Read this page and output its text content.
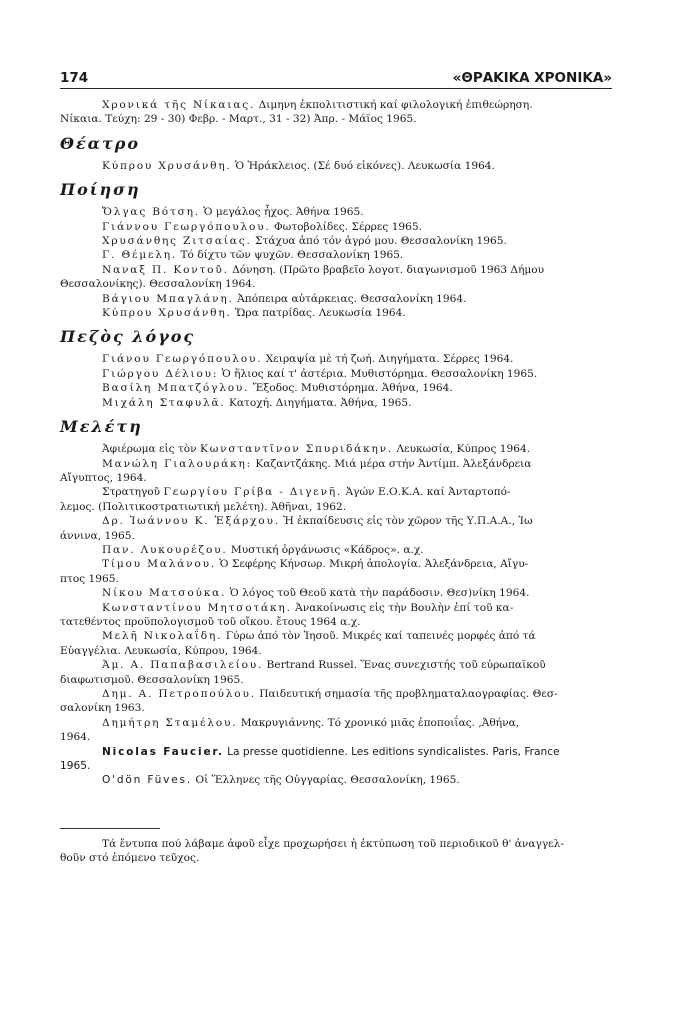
174	«ΘΡΑΚΙΚΑ ΧΡΟΝΙΚΑ»

Χρονικά τῆς Νίκαιας. Διμηνη ἐκπολιτιστική καί φιλολογική ἐπιθεώρηση.

Νίκαια. Τεύχη: 29 - 30) Φεβρ. - Μαρτ., 31 - 32) Ἀπρ. - Μάϊος 1965.

Θέατρο

Κύπρου Χρυσάνθη. Ὁ Ἡράκλειος. (Σέ δυό εἰκόνες). Λευκωσία 1964.

Ποίηση

Ὄλγας Βότση. Ὁ μεγάλος ἦχος. Ἀθήνα 1965.

Γιάννου Γεωργόπουλου. Φωτοβολίδες. Σέρρες 1965.

Χρυσάνθης Ζιτσαίας. Στάχυα ἀπό τόν ἀγρό μου. Θεσσαλονίκη 1965.

Γ. Θέμελη. Τό δίχτυ τῶν ψυχῶν. Θεσσαλονίκη 1965.

Ναναξ Π. Κοντοῦ. Δόνηση. (Πρῶτο βραβεῖο λογοτ. διαγωνισμοῦ 1963 Δήμου

Θεσσαλονίκης). Θεσσαλονίκη 1964.

Βάγιου Μπαγλάνη. Ἀπόπειρα αὐτάρκειας. Θεσσαλονίκη 1964.

Κύπρου Χρυσάνθη. Ὥρα πατρίδας. Λευκωσία 1964.

Πεζὸς λόγος

Γιάνου Γεωργόπουλου. Χειραψία μὲ τή ζωή. Διηγήματα. Σέρρες 1964.

Γιώργου Δέλιου: Ὁ ἥλιος καί τ' ἀστέρια. Μυθιστόρημα. Θεσσαλονίκη 1965.

Βασίλη Μπατζόγλου. Ἔξοδος. Μυθιστόρημα. Ἀθήνα, 1964.

Μιχάλη Σταφυλᾶ. Κατοχή. Διηγήματα. Ἀθήνα, 1965.

Μελέτη

Ἀφιέρωμα εἰς τὸν Κωνσταντῖνον Σπυριδάκην. Λευκωσία, Κύπρος 1964.

Μανώλη Γιαλουράκη: Καζαντζάκης. Μιά μέρα στήν Ἀντίμπ. Ἀλεξάνδρεια

Αἴγυπτος, 1964.

Στρατηγοῦ Γεωργίου Γρίβα - Διγενῆ. Ἀγών Ε.Ο.Κ.Α. καί Ἀνταρτοπό-

λεμος. (Πολιτικοστρατιωτική μελέτη). Ἀθῆναι, 1962.

Δρ. Ἰωάννου Κ. Ἐξάρχου. Ἡ ἐκπαίδευσις εἰς τὸν χῶρον τῆς Υ.Π.Α.Α., Ἰω

άννινα, 1965.

Παν. Λυκουρέζου. Μυστική ὀργάνωσις «Κάδρος». α.χ.

Τίμου Μαλάνου. Ὁ Σεφέρης Κήνσωρ. Μικρή ἀπολογία. Ἀλεξάνδρεια, Αἴγυ-

πτος 1965.

Νίκου Ματσούκα. Ὁ λόγος τοῦ Θεοῦ κατὰ τὴν παράδοσιν. Θεσ)νίκη 1964.

Κωνσταντίνου Μητσοτάκη. Ἀνακοίνωσις εἰς τὴν Βουλὴν ἐπί τοῦ κα-

τατεθέντος προϋπολογισμοῦ τοῦ οἴκου. ἔτους 1964 α.χ.

Μελῆ Νικολαΐδη. Γύρω ἀπό τὸν Ἰησοῦ. Μικρές καί ταπεινές μορφές ἀπό τά

Εὐαγγέλια. Λευκωσία, Κύπρου, 1964.

Ἀμ. Α. Παπαβασιλείου. Bertrand Russel. Ἕνας συνεχιστής τοῦ εὐρωπαϊκοῦ

διαφωτισμοῦ. Θεσσαλονίκη 1965.

Δημ. Α. Πετροπούλου. Παιδευτική σημασία τῆς προβληματαλαογραφίας. Θεσ-

σαλονίκη 1963.

Δημήτρη Σταμέλου. Μακρυγιάννης. Τό χρονικό μιᾶς ἐποποιΐας. ,Ἀθήνα,

1964.

Nicolas Faucier. La presse quotidienne. Les editions syndicalistes. Paris, France

1965.

O'dön Füves. Οἱ Ἕλληνες τῆς Οὐγγαρίας. Θεσσαλονίκη, 1965.

Τά ἔντυπα πού λάβαμε ἀφοῦ εἶχε προχωρήσει ἡ ἐκτύπωση τοῦ περιοδικοῦ θ' ἀναγγελ-

θοῦν στό ἑπόμενο τεῦχος.
